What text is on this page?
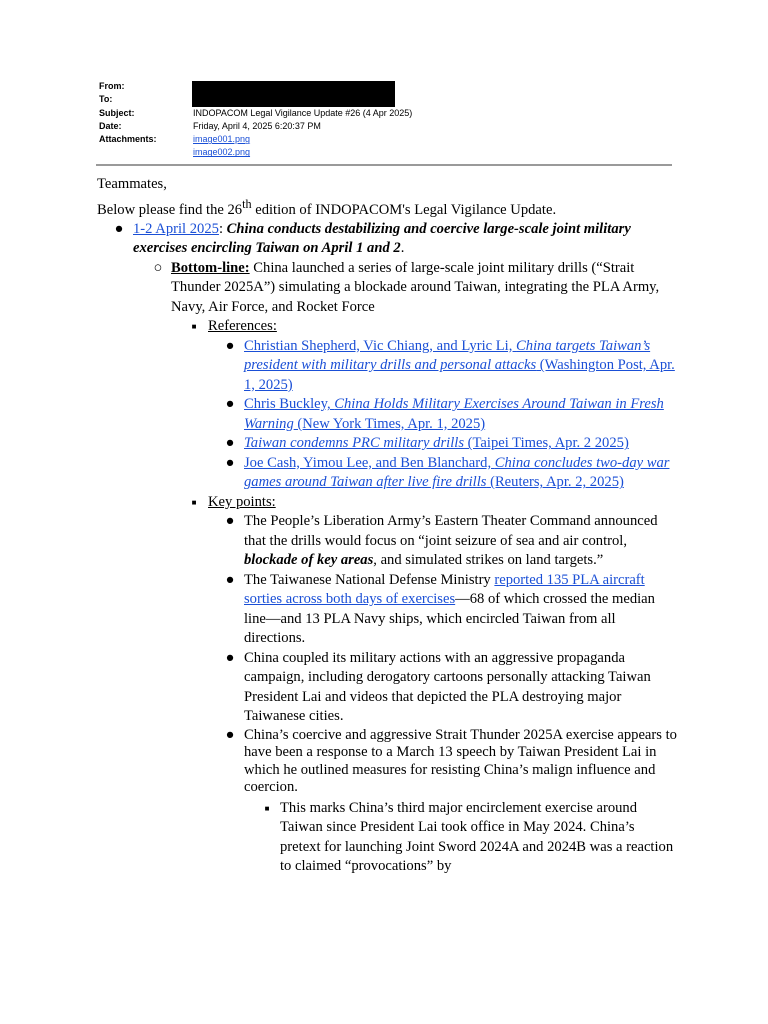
From:
To:
Subject:	INDOPACOM Legal Vigilance Update #26 (4 Apr 2025)
Date:	Friday, April 4, 2025 6:20:37 PM
Attachments:	image001.png
image002.png

Teammates,

Below please find the 26th edition of INDOPACOM's Legal Vigilance Update.

● 1-2 April 2025: China conducts destabilizing and coercive large-scale joint military exercises encircling Taiwan on April 1 and 2.
○ Bottom-line: China launched a series of large-scale joint military drills (“Strait Thunder 2025A”) simulating a blockade around Taiwan, integrating the PLA Army, Navy, Air Force, and Rocket Force
■ References:
● Christian Shepherd, Vic Chiang, and Lyric Li, China targets Taiwan’s president with military drills and personal attacks (Washington Post, Apr. 1, 2025)
● Chris Buckley, China Holds Military Exercises Around Taiwan in Fresh Warning (New York Times, Apr. 1, 2025)
● Taiwan condemns PRC military drills (Taipei Times, Apr. 2 2025)
● Joe Cash, Yimou Lee, and Ben Blanchard, China concludes two-day war games around Taiwan after live fire drills (Reuters, Apr. 2, 2025)
■ Key points:
● The People’s Liberation Army’s Eastern Theater Command announced that the drills would focus on “joint seizure of sea and air control, blockade of key areas, and simulated strikes on land targets.”
● The Taiwanese National Defense Ministry reported 135 PLA aircraft sorties across both days of exercises—68 of which crossed the median line—and 13 PLA Navy ships, which encircled Taiwan from all directions.
● China coupled its military actions with an aggressive propaganda campaign, including derogatory cartoons personally attacking Taiwan President Lai and videos that depicted the PLA destroying major Taiwanese cities.
● China’s coercive and aggressive Strait Thunder 2025A exercise appears to have been a response to a March 13 speech by Taiwan President Lai in which he outlined measures for resisting China’s malign influence and coercion.
■ This marks China’s third major encirclement exercise around Taiwan since President Lai took office in May 2024. China’s pretext for launching Joint Sword 2024A and 2024B was a reaction to claimed “provocations” by
